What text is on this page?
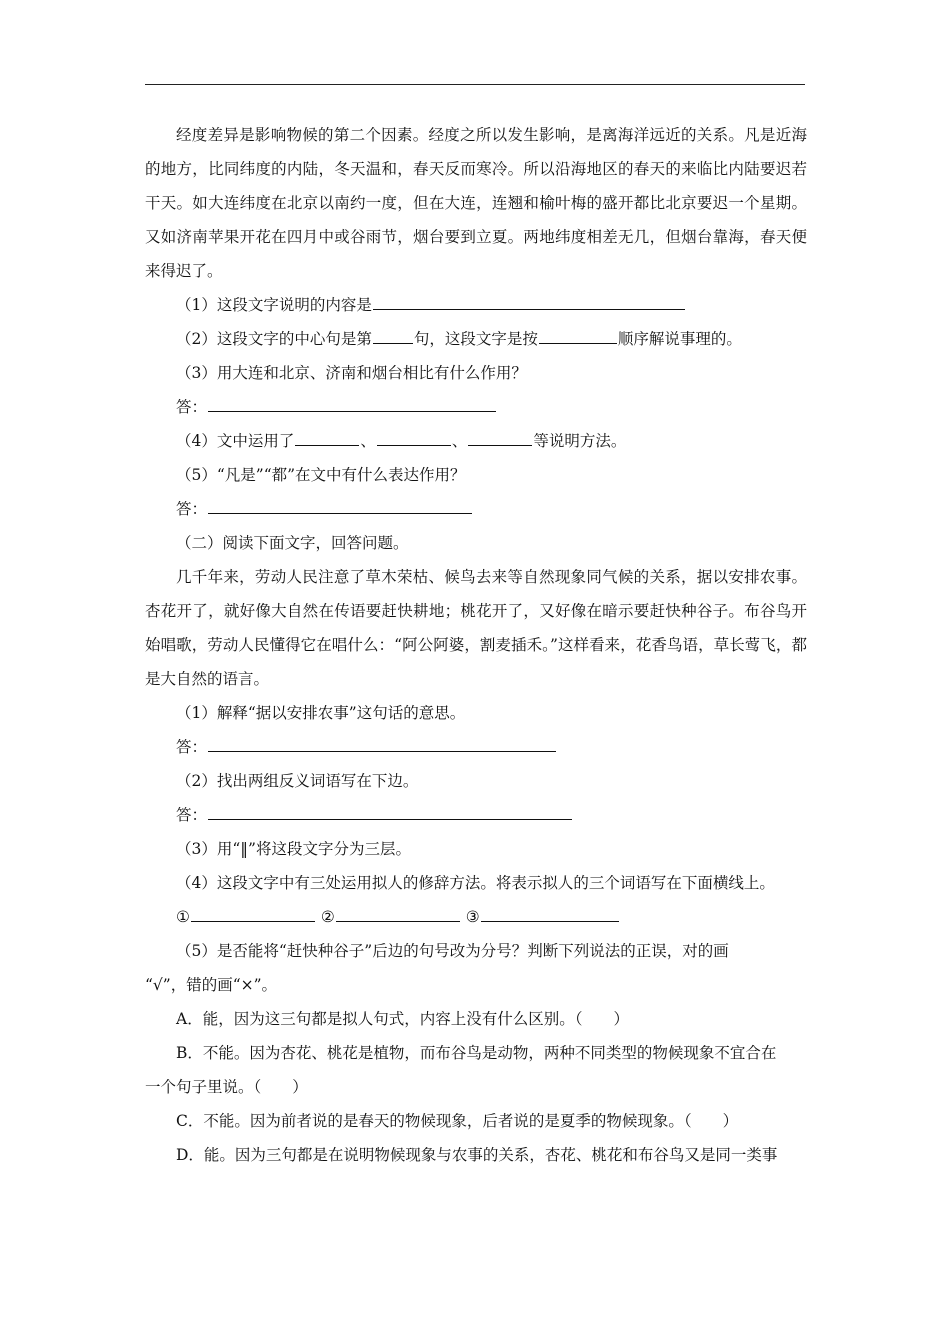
经度差异是影响物候的第二个因素。经度之所以发生影响，是离海洋远近的关系。凡是近海的地方，比同纬度的内陆，冬天温和，春天反而寒冷。所以沿海地区的春天的来临比内陆要迟若干天。如大连纬度在北京以南约一度，但在大连，连翘和榆叶梅的盛开都比北京要迟一个星期。又如济南苹果开花在四月中或谷雨节，烟台要到立夏。两地纬度相差无几，但烟台靠海，春天便来得迟了。
（1）这段文字说明的内容是
（2）这段文字的中心句是第	句，这段文字是按	顺序解说事理的。
（3）用大连和北京、济南和烟台相比有什么作用？
答：
（4）文中运用了	、	、	等说明方法。
（5）“凡是”“都”在文中有什么表达作用？
答：
（二）阅读下面文字，回答问题。
几千年来，劳动人民注意了草木荣枯、候鸟去来等自然现象同气候的关系，据以安排农事。杏花开了，就好像大自然在传语要赶快耕地；桃花开了，又好像在暗示要赶快种谷子。布谷鸟开始唱歌，劳动人民懂得它在唱什么：“阿公阿婆，割麦插禾。”这样看来，花香鸟语，草长莺飞，都是大自然的语言。
（1）解释“据以安排农事”这句话的意思。
答：
（2）找出两组反义词语写在下边。
答：
（3）用“‖”将这段文字分为三层。
（4）这段文字中有三处运用拟人的修辞方法。将表示拟人的三个词语写在下面横线上。
①	②	③
（5）是否能将“赶快种谷子”后边的句号改为分号？判断下列说法的正误，对的画
“√”，错的画“×”。
A．能，因为这三句都是拟人句式，内容上没有什么区别。（　　）
B．不能。因为杏花、桃花是植物，而布谷鸟是动物，两种不同类型的物候现象不宜合在
一个句子里说。（　　）
C．不能。因为前者说的是春天的物候现象，后者说的是夏季的物候现象。（　　）
D．能。因为三句都是在说明物候现象与农事的关系，杏花、桃花和布谷鸟又是同一类事
